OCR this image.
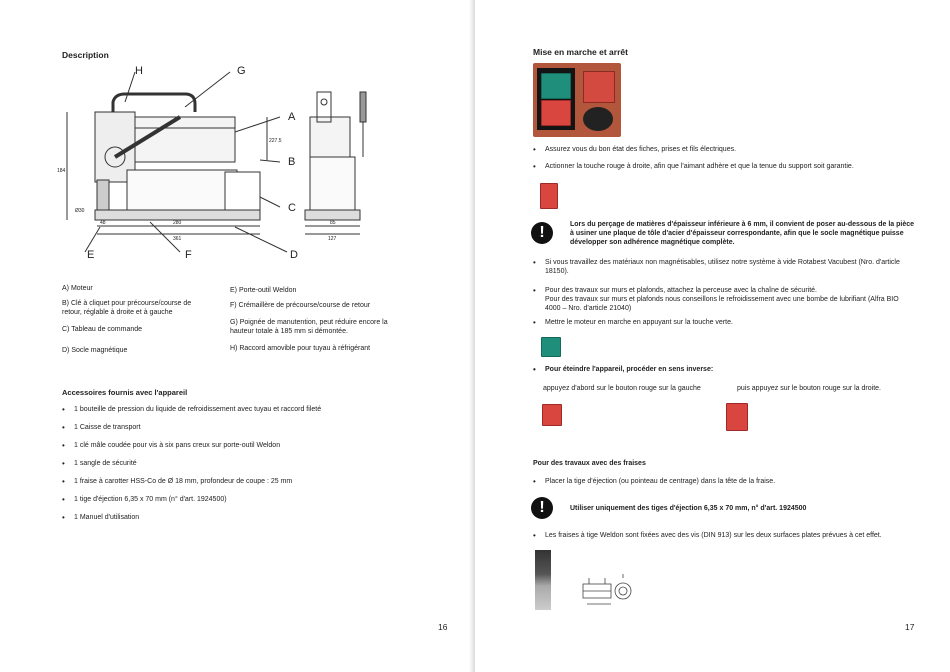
Description
H	G
A
B
C
D
E	F
280
361
48	85
127
227.5
184
Ø30
A) Moteur
B) Clé à cliquet pour précourse/course de retour, réglable à droite et à gauche
C) Tableau de commande
D) Socle magnétique
E) Porte-outil Weldon
F) Crémaillère de précourse/course de retour
G) Poignée de manutention, peut réduire encore la hauteur totale à 185 mm si démontée.
H) Raccord amovible pour tuyau à réfrigérant
Accessoires fournis avec l'appareil
• 1 bouteille de pression du liquide de refroidissement avec tuyau et raccord fileté
• 1 Caisse de transport
• 1 clé mâle coudée pour vis à six pans creux sur porte-outil Weldon
• 1 sangle de sécurité
• 1 fraise à carotter HSS-Co de Ø 18 mm, profondeur de coupe : 25 mm
• 1 tige d'éjection 6,35 x 70 mm (n° d'art. 1924500)
• 1 Manuel d'utilisation
16
Mise en marche et arrêt
• Assurez vous du bon état des fiches, prises et fils électriques.
• Actionner la touche rouge à droite, afin que l'aimant adhère et que la tenue du support soit garantie.
!	Lors du perçage de matières d'épaisseur inférieure à 6 mm, il convient de poser au-dessous de la pièce à usiner une plaque de tôle d'acier d'épaisseur correspondante, afin que le socle magnétique puisse développer son adhérence magnétique complète.
• Si vous travaillez des matériaux non magnétisables, utilisez notre système à vide Rotabest Vacubest (Nro. d'article 18150).
• Pour des travaux sur murs et plafonds, attachez la perceuse avec la chaîne de sécurité.
Pour des travaux sur murs et plafonds nous conseillons le refroidissement avec une bombe de lubrifiant (Alfra BIO 4000 – Nro. d'article 21040)
• Mettre le moteur en marche en appuyant sur la touche verte.
• Pour éteindre l'appareil, procéder en sens inverse:
appuyez d'abord sur le bouton rouge sur la gauche	puis appuyez sur le bouton rouge sur la droite.
Pour des travaux avec des fraises
• Placer la tige d'éjection (ou pointeau de centrage) dans la tête de la fraise.
!	Utiliser uniquement des tiges d'éjection 6,35 x 70 mm, n° d'art. 1924500
• Les fraises à tige Weldon sont fixées avec des vis (DIN 913) sur les deux surfaces plates prévues à cet effet.
17
